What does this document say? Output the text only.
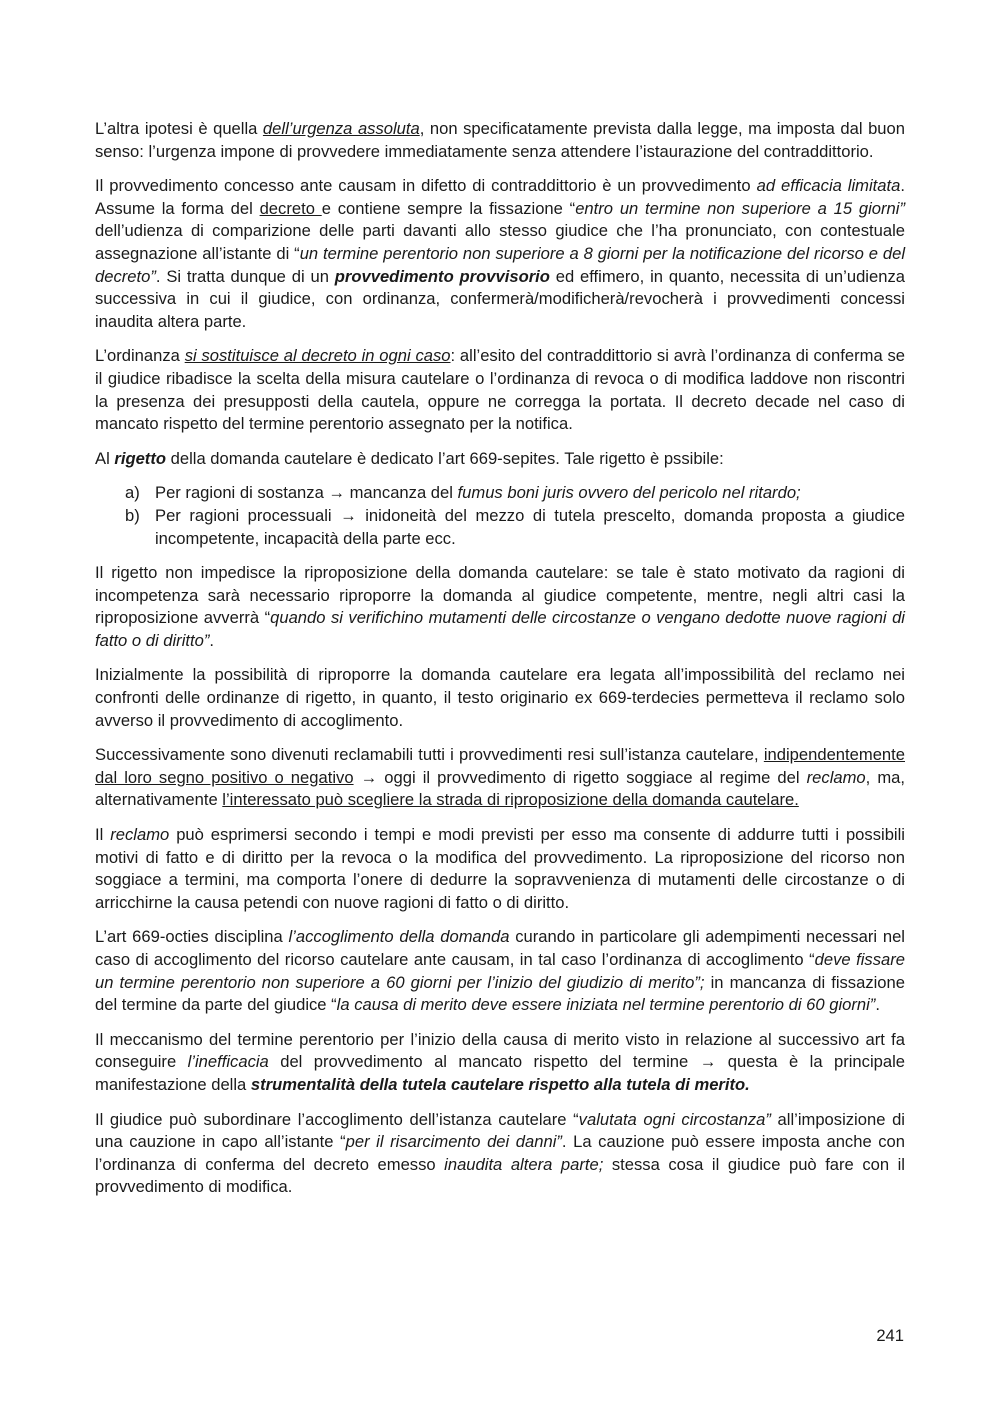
L’altra ipotesi è quella dell’urgenza assoluta, non specificatamente prevista dalla legge, ma imposta dal buon senso: l’urgenza impone di provvedere immediatamente senza attendere l’istaurazione del contraddittorio.

Il provvedimento concesso ante causam in difetto di contraddittorio è un provvedimento ad efficacia limitata. Assume la forma del decreto e contiene sempre la fissazione “entro un termine non superiore a 15 giorni” dell’udienza di comparizione delle parti davanti allo stesso giudice che l’ha pronunciato, con contestuale assegnazione all’istante di “un termine perentorio non superiore a 8 giorni per la notificazione del ricorso e del decreto”. Si tratta dunque di un provvedimento provvisorio ed effimero, in quanto, necessita di un’udienza successiva in cui il giudice, con ordinanza, confermerà/modificherà/revocherà i provvedimenti concessi inaudita altera parte.

L’ordinanza si sostituisce al decreto in ogni caso: all’esito del contraddittorio si avrà l’ordinanza di conferma se il giudice ribadisce la scelta della misura cautelare o l’ordinanza di revoca o di modifica laddove non riscontri la presenza dei presupposti della cautela, oppure ne corregga la portata. Il decreto decade nel caso di mancato rispetto del termine perentorio assegnato per la notifica.

Al rigetto della domanda cautelare è dedicato l’art 669-sepites. Tale rigetto è pssibile:

a) Per ragioni di sostanza → mancanza del fumus boni juris ovvero del pericolo nel ritardo;
b) Per ragioni processuali → inidoneità del mezzo di tutela prescelto, domanda proposta a giudice incompetente, incapacità della parte ecc.

Il rigetto non impedisce la riproposizione della domanda cautelare: se tale è stato motivato da ragioni di incompetenza sarà necessario riproporre la domanda al giudice competente, mentre, negli altri casi la riproposizione avverrà “quando si verifichino mutamenti delle circostanze o vengano dedotte nuove ragioni di fatto o di diritto”.

Inizialmente la possibilità di riproporre la domanda cautelare era legata all’impossibilità del reclamo nei confronti delle ordinanze di rigetto, in quanto, il testo originario ex 669-terdecies permetteva il reclamo solo avverso il provvedimento di accoglimento.

Successivamente sono divenuti reclamabili tutti i provvedimenti resi sull’istanza cautelare, indipendentemente dal loro segno positivo o negativo → oggi il provvedimento di rigetto soggiace al regime del reclamo, ma, alternativamente l’interessato può scegliere la strada di riproposizione della domanda cautelare.

Il reclamo può esprimersi secondo i tempi e modi previsti per esso ma consente di addurre tutti i possibili motivi di fatto e di diritto per la revoca o la modifica del provvedimento. La riproposizione del ricorso non soggiace a termini, ma comporta l’onere di dedurre la sopravvenienza di mutamenti delle circostanze o di arricchirne la causa petendi con nuove ragioni di fatto o di diritto.

L’art 669-octies disciplina l’accoglimento della domanda curando in particolare gli adempimenti necessari nel caso di accoglimento del ricorso cautelare ante causam, in tal caso l’ordinanza di accoglimento “deve fissare un termine perentorio non superiore a 60 giorni per l’inizio del giudizio di merito”; in mancanza di fissazione del termine da parte del giudice “la causa di merito deve essere iniziata nel termine perentorio di 60 giorni”.

Il meccanismo del termine perentorio per l’inizio della causa di merito visto in relazione al successivo art fa conseguire l’inefficacia del provvedimento al mancato rispetto del termine → questa è la principale manifestazione della strumentalità della tutela cautelare rispetto alla tutela di merito.

Il giudice può subordinare l’accoglimento dell’istanza cautelare “valutata ogni circostanza” all’imposizione di una cauzione in capo all’istante “per il risarcimento dei danni”. La cauzione può essere imposta anche con l’ordinanza di conferma del decreto emesso inaudita altera parte; stessa cosa il giudice può fare con il provvedimento di modifica.

241
